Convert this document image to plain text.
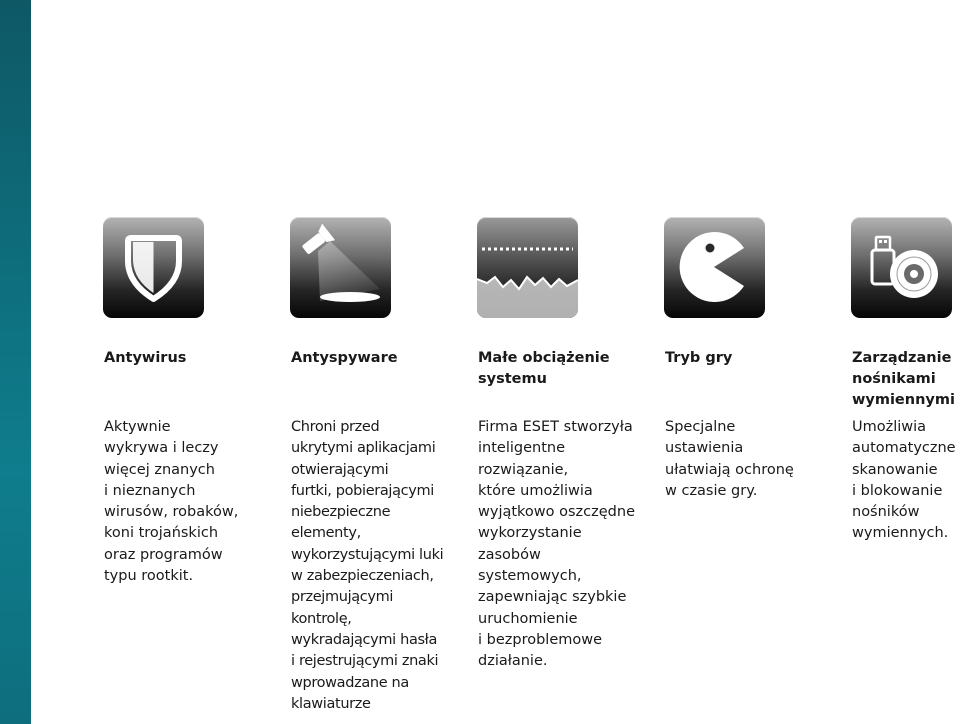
Antywirus
Aktywnie
wykrywa i leczy
więcej znanych
i nieznanych
wirusów, robaków,
koni trojańskich
oraz programów
typu rootkit.
Antyspyware
Chroni przed
ukrytymi aplikacjami
otwierającymi
furtki, pobierającymi
niebezpieczne elementy,
wykorzystującymi luki
w zabezpieczeniach,
przejmującymi kontrolę,
wykradającymi hasła
i rejestrującymi znaki
wprowadzane na
klawiaturze
Małe obciążenie
systemu
Firma ESET stworzyła
inteligentne rozwiązanie,
które umożliwia
wyjątkowo oszczędne
wykorzystanie
zasobów systemowych,
zapewniając szybkie
uruchomienie
i bezproblemowe
działanie.
Tryb gry
Specjalne
ustawienia
ułatwiają ochronę
w czasie gry.
Zarządzanie
nośnikami
wymiennymi
Umożliwia
automatyczne
skanowanie
i blokowanie
nośników
wymiennych.
